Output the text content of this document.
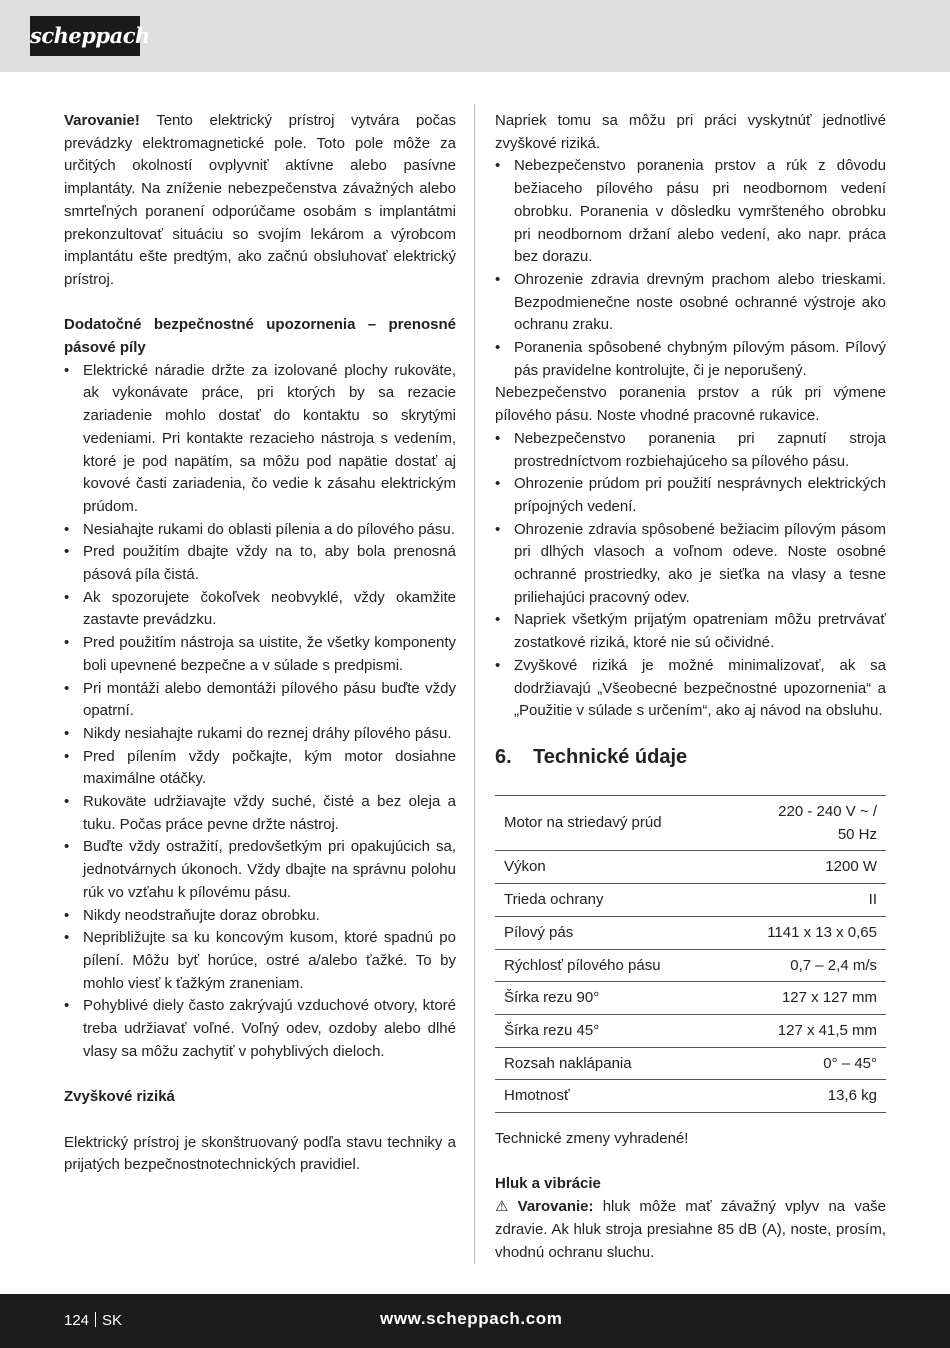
scheppach

Varovanie! Tento elektrický prístroj vytvára počas prevádzky elektromagnetické pole. Toto pole môže za určitých okolností ovplyvniť aktívne alebo pasívne implantáty. Na zníženie nebezpečenstva závažných alebo smrteľných poranení odporúčame osobám s implantátmi prekonzultovať situáciu so svojím lekárom a výrobcom implantátu ešte predtým, ako začnú obsluhovať elektrický prístroj.

Dodatočné bezpečnostné upozornenia – prenosné pásové píly

• Elektrické náradie držte za izolované plochy rukoväte, ak vykonávate práce, pri ktorých by sa rezacie zariadenie mohlo dostať do kontaktu so skrytými vedeniami. Pri kontakte rezacieho nástroja s vedením, ktoré je pod napätím, sa môžu pod napätie dostať aj kovové časti zariadenia, čo vedie k zásahu elektrickým prúdom.
• Nesiahajte rukami do oblasti pílenia a do pílového pásu.
• Pred použitím dbajte vždy na to, aby bola prenosná pásová píla čistá.
• Ak spozorujete čokoľvek neobvyklé, vždy okamžite zastavte prevádzku.
• Pred použitím nástroja sa uistite, že všetky komponenty boli upevnené bezpečne a v súlade s predpismi.
• Pri montáži alebo demontáži pílového pásu buďte vždy opatrní.
• Nikdy nesiahajte rukami do reznej dráhy pílového pásu.
• Pred pílením vždy počkajte, kým motor dosiahne maximálne otáčky.
• Rukoväte udržiavajte vždy suché, čisté a bez oleja a tuku. Počas práce pevne držte nástroj.
• Buďte vždy ostražití, predovšetkým pri opakujúcich sa, jednotvárnych úkonoch. Vždy dbajte na správnu polohu rúk vo vzťahu k pílovému pásu.
• Nikdy neodstraňujte doraz obrobku.
• Nepribližujte sa ku koncovým kusom, ktoré spadnú po pílení. Môžu byť horúce, ostré a/alebo ťažké. To by mohlo viesť k ťažkým zraneniam.
• Pohyblivé diely často zakrývajú vzduchové otvory, ktoré treba udržiavať voľné. Voľný odev, ozdoby alebo dlhé vlasy sa môžu zachytiť v pohyblivých dieloch.

Zvyškové riziká

Elektrický prístroj je skonštruovaný podľa stavu techniky a prijatých bezpečnostnotechnických pravidiel.

Napriek tomu sa môžu pri práci vyskytnúť jednotlivé zvyškové riziká.

• Nebezpečenstvo poranenia prstov a rúk z dôvodu bežiaceho pílového pásu pri neodbornom vedení obrobku. Poranenia v dôsledku vymršteného obrobku pri neodbornom držaní alebo vedení, ako napr. práca bez dorazu.
• Ohrozenie zdravia drevným prachom alebo trieskami. Bezpodmienečne noste osobné ochranné výstroje ako ochranu zraku.
• Poranenia spôsobené chybným pílovým pásom. Pílový pás pravidelne kontrolujte, či je neporušený.

Nebezpečenstvo poranenia prstov a rúk pri výmene pílového pásu. Noste vhodné pracovné rukavice.

• Nebezpečenstvo poranenia pri zapnutí stroja prostredníctvom rozbiehajúceho sa pílového pásu.
• Ohrozenie prúdom pri použití nesprávnych elektrických prípojných vedení.
• Ohrozenie zdravia spôsobené bežiacim pílovým pásom pri dlhých vlasoch a voľnom odeve. Noste osobné ochranné prostriedky, ako je sieťka na vlasy a tesne priliehajúci pracovný odev.
• Napriek všetkým prijatým opatreniam môžu pretrvávať zostatkové riziká, ktoré nie sú očividné.
• Zvyškové riziká je možné minimalizovať, ak sa dodržiavajú „Všeobecné bezpečnostné upozornenia“ a „Použitie v súlade s určením“, ako aj návod na obsluhu.
6.	Technické údaje
Motor na striedavý prúd	220 - 240 V ~ /
50 Hz
Výkon	1200 W
Trieda ochrany	II
Pílový pás	1141 x 13 x 0,65
Rýchlosť pílového pásu	0,7 – 2,4 m/s
Šírka rezu 90°	127 x 127 mm
Šírka rezu 45°	127 x 41,5 mm
Rozsah naklápania	0° – 45°
Hmotnosť	13,6 kg

Technické zmeny vyhradené!

Hluk a vibrácie

⚠ Varovanie: hluk môže mať závažný vplyv na vaše zdravie. Ak hluk stroja presiahne 85 dB (A), noste, prosím, vhodnú ochranu sluchu.

124 SK	www.scheppach.com
